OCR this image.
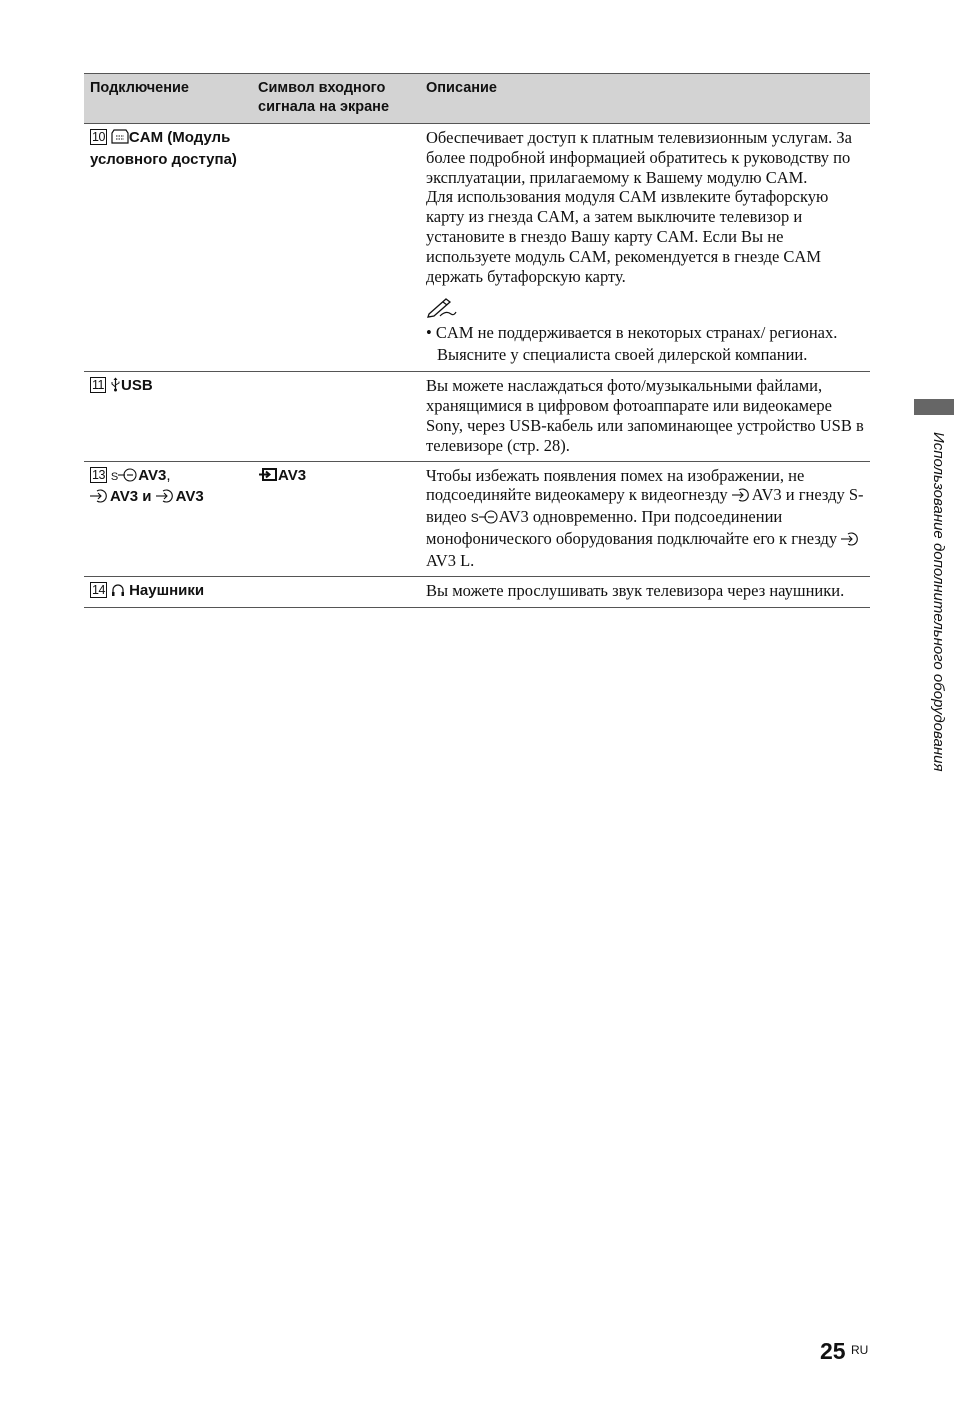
Подключение	Символ входного сигнала на экране	Описание
10 CAM (Модуль условного доступа)		Обеспечивает доступ к платным телевизионным услугам. За более подробной информацией обратитесь к руководству по эксплуатации, прилагаемому к Вашему модулю CAM.
Для использования модуля CAM извлеките бутафорскую карту из гнезда CAM, а затем выключите телевизор и установите в гнездо Вашу карту CAM. Если Вы не используете модуль CAM, рекомендуется в гнезде CAM держать бутафорскую карту.
• CAM не поддерживается в некоторых странах/ регионах. Выясните у специалиста своей дилерской компании.

11 USB		Вы можете наслаждаться фото/музыкальными файлами, хранящимися в цифровом фотоаппарате или видеокамере Sony, через USB-кабель или запоминающее устройство USB в телевизоре (стр. 28).

13 S AV3,
AV3 и AV3	AV3	Чтобы избежать появления помех на изображении, не подсоединяйте видеокамеру к видеогнезду AV3 и гнезду S-видео S AV3 одновременно. При подсоединении монофонического оборудования подключайте его к гнезду AV3 L.
14 Наушники		Вы можете прослушивать звук телевизора через наушники.	Использование дополнительного оборудования
25 RU
